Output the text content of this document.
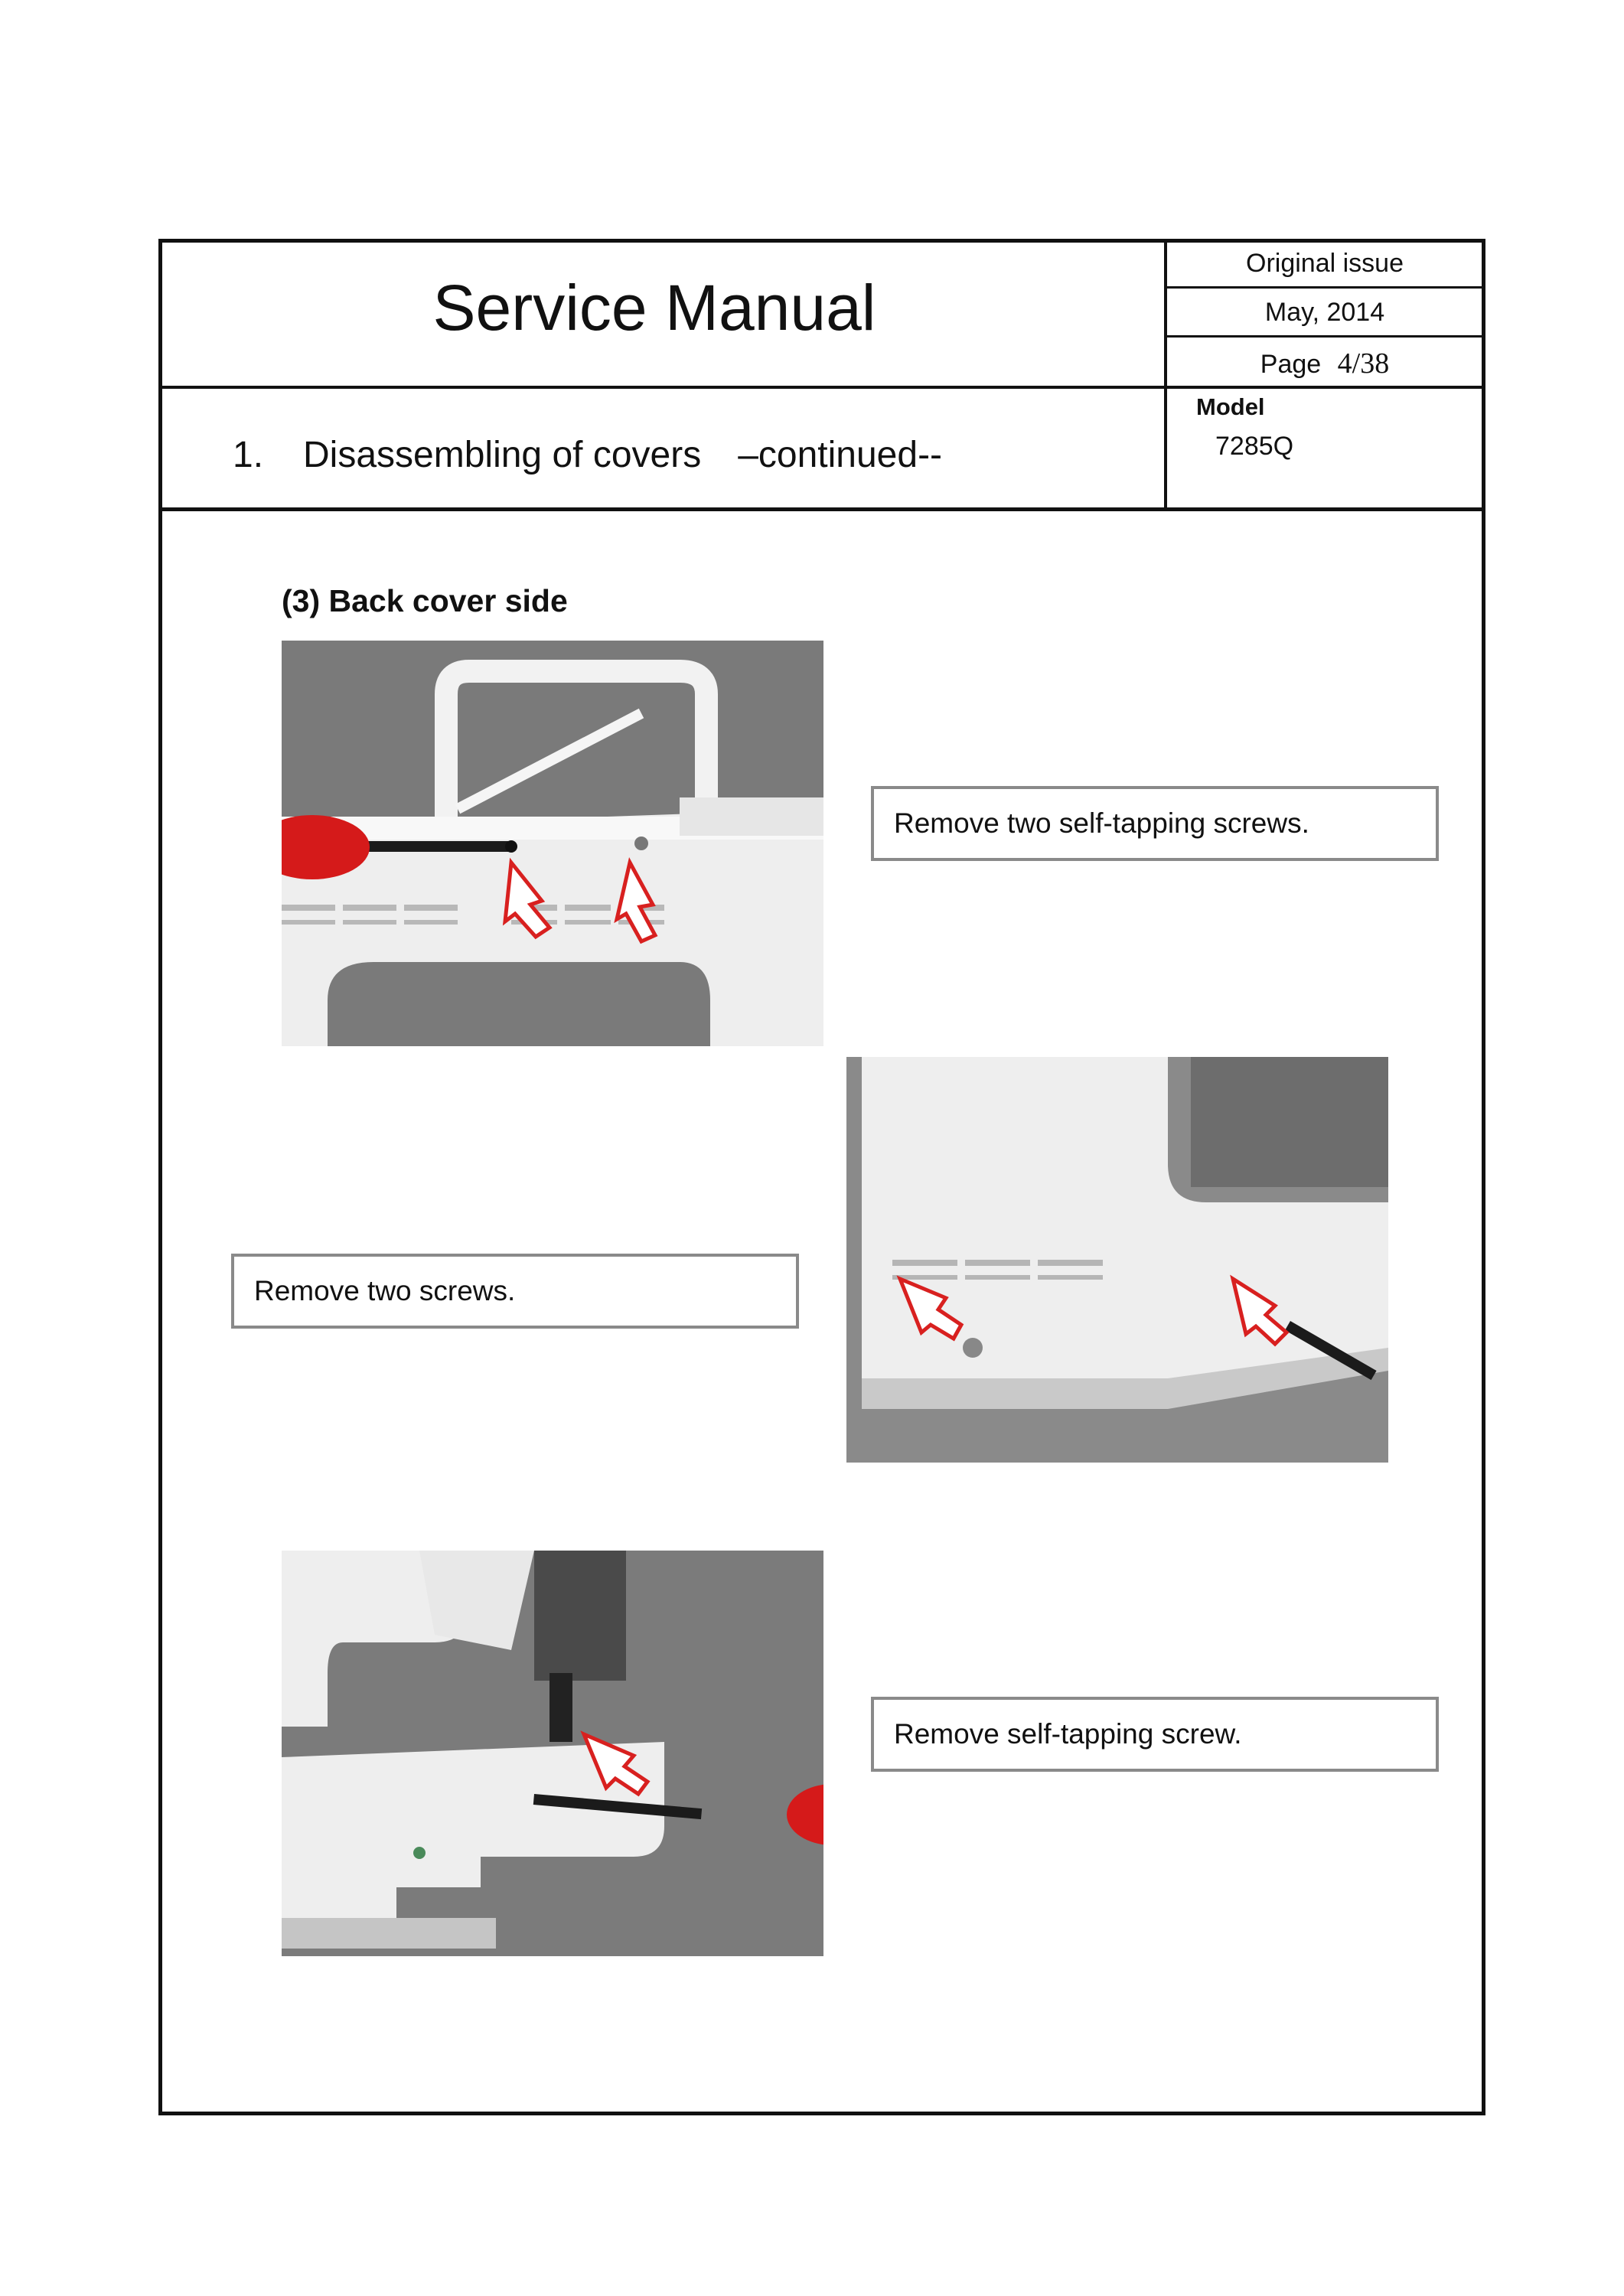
Service Manual
1. Disassembling of covers –continued--
Original issue
May, 2014
Page 4/38
Model
7285Q
(3) Back cover side
Remove two self-tapping screws.
Remove two screws.
Remove self-tapping screw.
